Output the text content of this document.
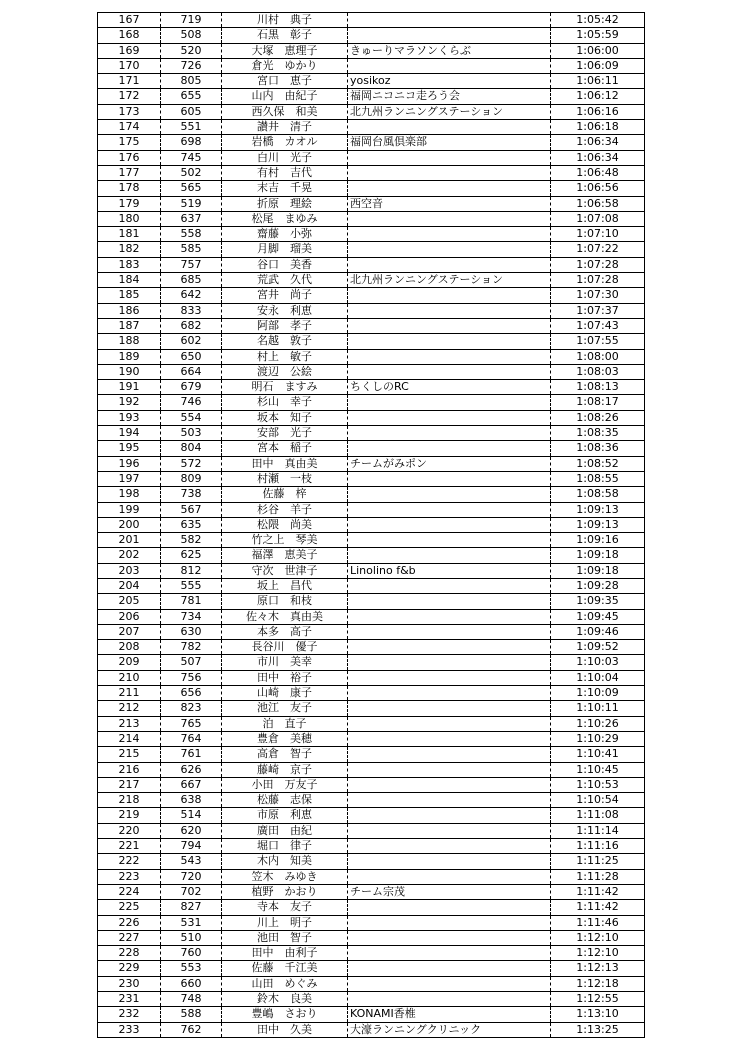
167	719	川村　典子		1:05:42
168	508	石黒　彰子		1:05:59
169	520	大塚　恵理子	きゅーりマラソンくらぶ	1:06:00
170	726	倉光　ゆかり		1:06:09
171	805	宮口　恵子	yosikoz	1:06:11
172	655	山内　由紀子	福岡ニコニコ走ろう会	1:06:12
173	605	西久保　和美	北九州ランニングステーション	1:06:16
174	551	讃井　清子		1:06:18
175	698	岩橋　カオル	福岡台風倶楽部	1:06:34
176	745	白川　光子		1:06:34
177	502	有村　吉代		1:06:48
178	565	末吉　千晃		1:06:56
179	519	折原　理絵	西空音	1:06:58
180	637	松尾　まゆみ		1:07:08
181	558	齋藤　小弥		1:07:10
182	585	月脚　瑠美		1:07:22
183	757	谷口　美香		1:07:28
184	685	荒武　久代	北九州ランニングステーション	1:07:28
185	642	宮井　尚子		1:07:30
186	833	安永　利恵		1:07:37
187	682	阿部　孝子		1:07:43
188	602	名越　敦子		1:07:55
189	650	村上　敏子		1:08:00
190	664	渡辺　公絵		1:08:03
191	679	明石　ますみ	ちくしのRC	1:08:13
192	746	杉山　幸子		1:08:17
193	554	坂本　知子		1:08:26
194	503	安部　光子		1:08:35
195	804	宮本　稲子		1:08:36
196	572	田中　真由美	チームがみポン	1:08:52
197	809	村瀬　一枝		1:08:55
198	738	佐藤　梓		1:08:58
199	567	杉谷　羊子		1:09:13
200	635	松隈　尚美		1:09:13
201	582	竹之上　琴美		1:09:16
202	625	福澤　恵美子		1:09:18
203	812	守次　世津子	Linolino f&b	1:09:18
204	555	坂上　昌代		1:09:28
205	781	原口　和枝		1:09:35
206	734	佐々木　真由美		1:09:45
207	630	本多　高子		1:09:46
208	782	長谷川　優子		1:09:52
209	507	市川　美幸		1:10:03
210	756	田中　裕子		1:10:04
211	656	山崎　康子		1:10:09
212	823	池江　友子		1:10:11
213	765	泊　直子		1:10:26
214	764	豊倉　美穂		1:10:29
215	761	高倉　智子		1:10:41
216	626	藤崎　京子		1:10:45
217	667	小田　万友子		1:10:53
218	638	松藤　志保		1:10:54
219	514	市原　利恵		1:11:08
220	620	廣田　由紀		1:11:14
221	794	堀口　律子		1:11:16
222	543	木内　知美		1:11:25
223	720	笠木　みゆき		1:11:28
224	702	植野　かおり	チーム宗茂	1:11:42
225	827	寺本　友子		1:11:42
226	531	川上　明子		1:11:46
227	510	池田　智子		1:12:10
228	760	田中　由利子		1:12:10
229	553	佐藤　千江美		1:12:13
230	660	山田　めぐみ		1:12:18
231	748	鈴木　良美		1:12:55
232	588	豊嶋　さおり	KONAMI香椎	1:13:10
233	762	田中　久美	大濠ランニングクリニック	1:13:25
